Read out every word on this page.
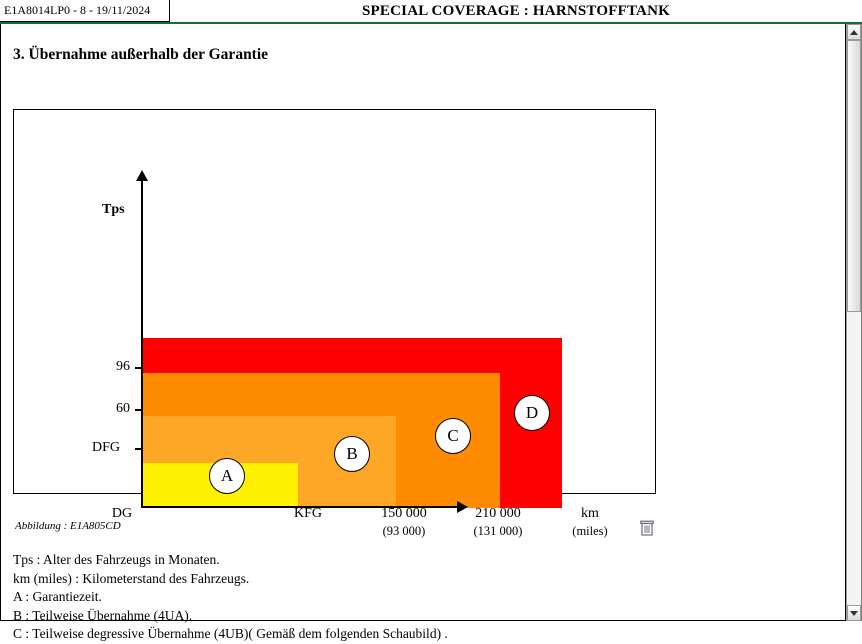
E1A8014LP0 - 8 - 19/11/2024	SPECIAL COVERAGE : HARNSTOFFTANK
3. Übernahme außerhalb der Garantie
Tps
96
60
DFG
DG	KFG	150 000
(93 000)
210 000
(131 000)
km
(miles)
A
B
C
D
Abbildung : E1A805CD
Tps : Alter des Fahrzeugs in Monaten.
km (miles) : Kilometerstand des Fahrzeugs.
A : Garantiezeit.
B : Teilweise Übernahme (4UA).
C : Teilweise degressive Übernahme (4UB)( Gemäß dem folgenden Schaubild) .
